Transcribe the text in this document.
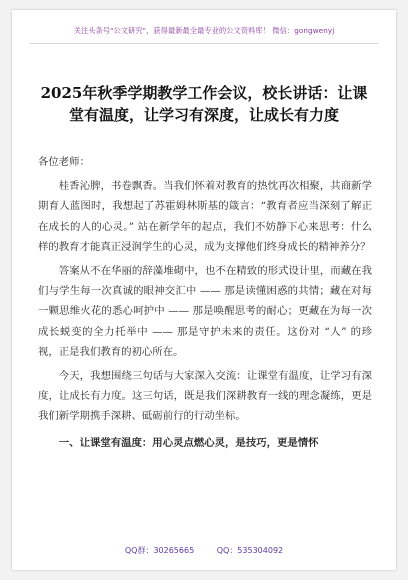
关注头条号"公文研究"，获得最新最全最专业的公文资料库！ 微信：gongwenyj
2025年秋季学期教学工作会议，校长讲话：让课堂有温度，让学习有深度，让成长有力度

各位老师：

桂香沁脾，书卷飘香。当我们怀着对教育的热忱再次相聚，共商新学期育人蓝图时，我想起了苏霍姆林斯基的箴言：“教育者应当深刻了解正在成长的人的心灵。” 站在新学年的起点，我们不妨静下心来思考：什么样的教育才能真正浸润学生的心灵，成为支撑他们终身成长的精神养分？

答案从不在华丽的辞藻堆砌中，也不在精致的形式设计里，而藏在我们与学生每一次真诚的眼神交汇中 —— 那是读懂困惑的共情；藏在对每一颗思维火花的悉心呵护中 —— 那是唤醒思考的耐心；更藏在为每一次成长蜕变的全力托举中 —— 那是守护未来的责任。这份对 “人” 的珍视，正是我们教育的初心所在。

今天，我想围绕三句话与大家深入交流：让课堂有温度，让学习有深度，让成长有力度。这三句话，既是我们深耕教育一线的理念凝练，更是我们新学期携手深耕、砥砺前行的行动坐标。

一、让课堂有温度：用心灵点燃心灵，是技巧，更是情怀

QQ群：30265665	QQ：535304092
